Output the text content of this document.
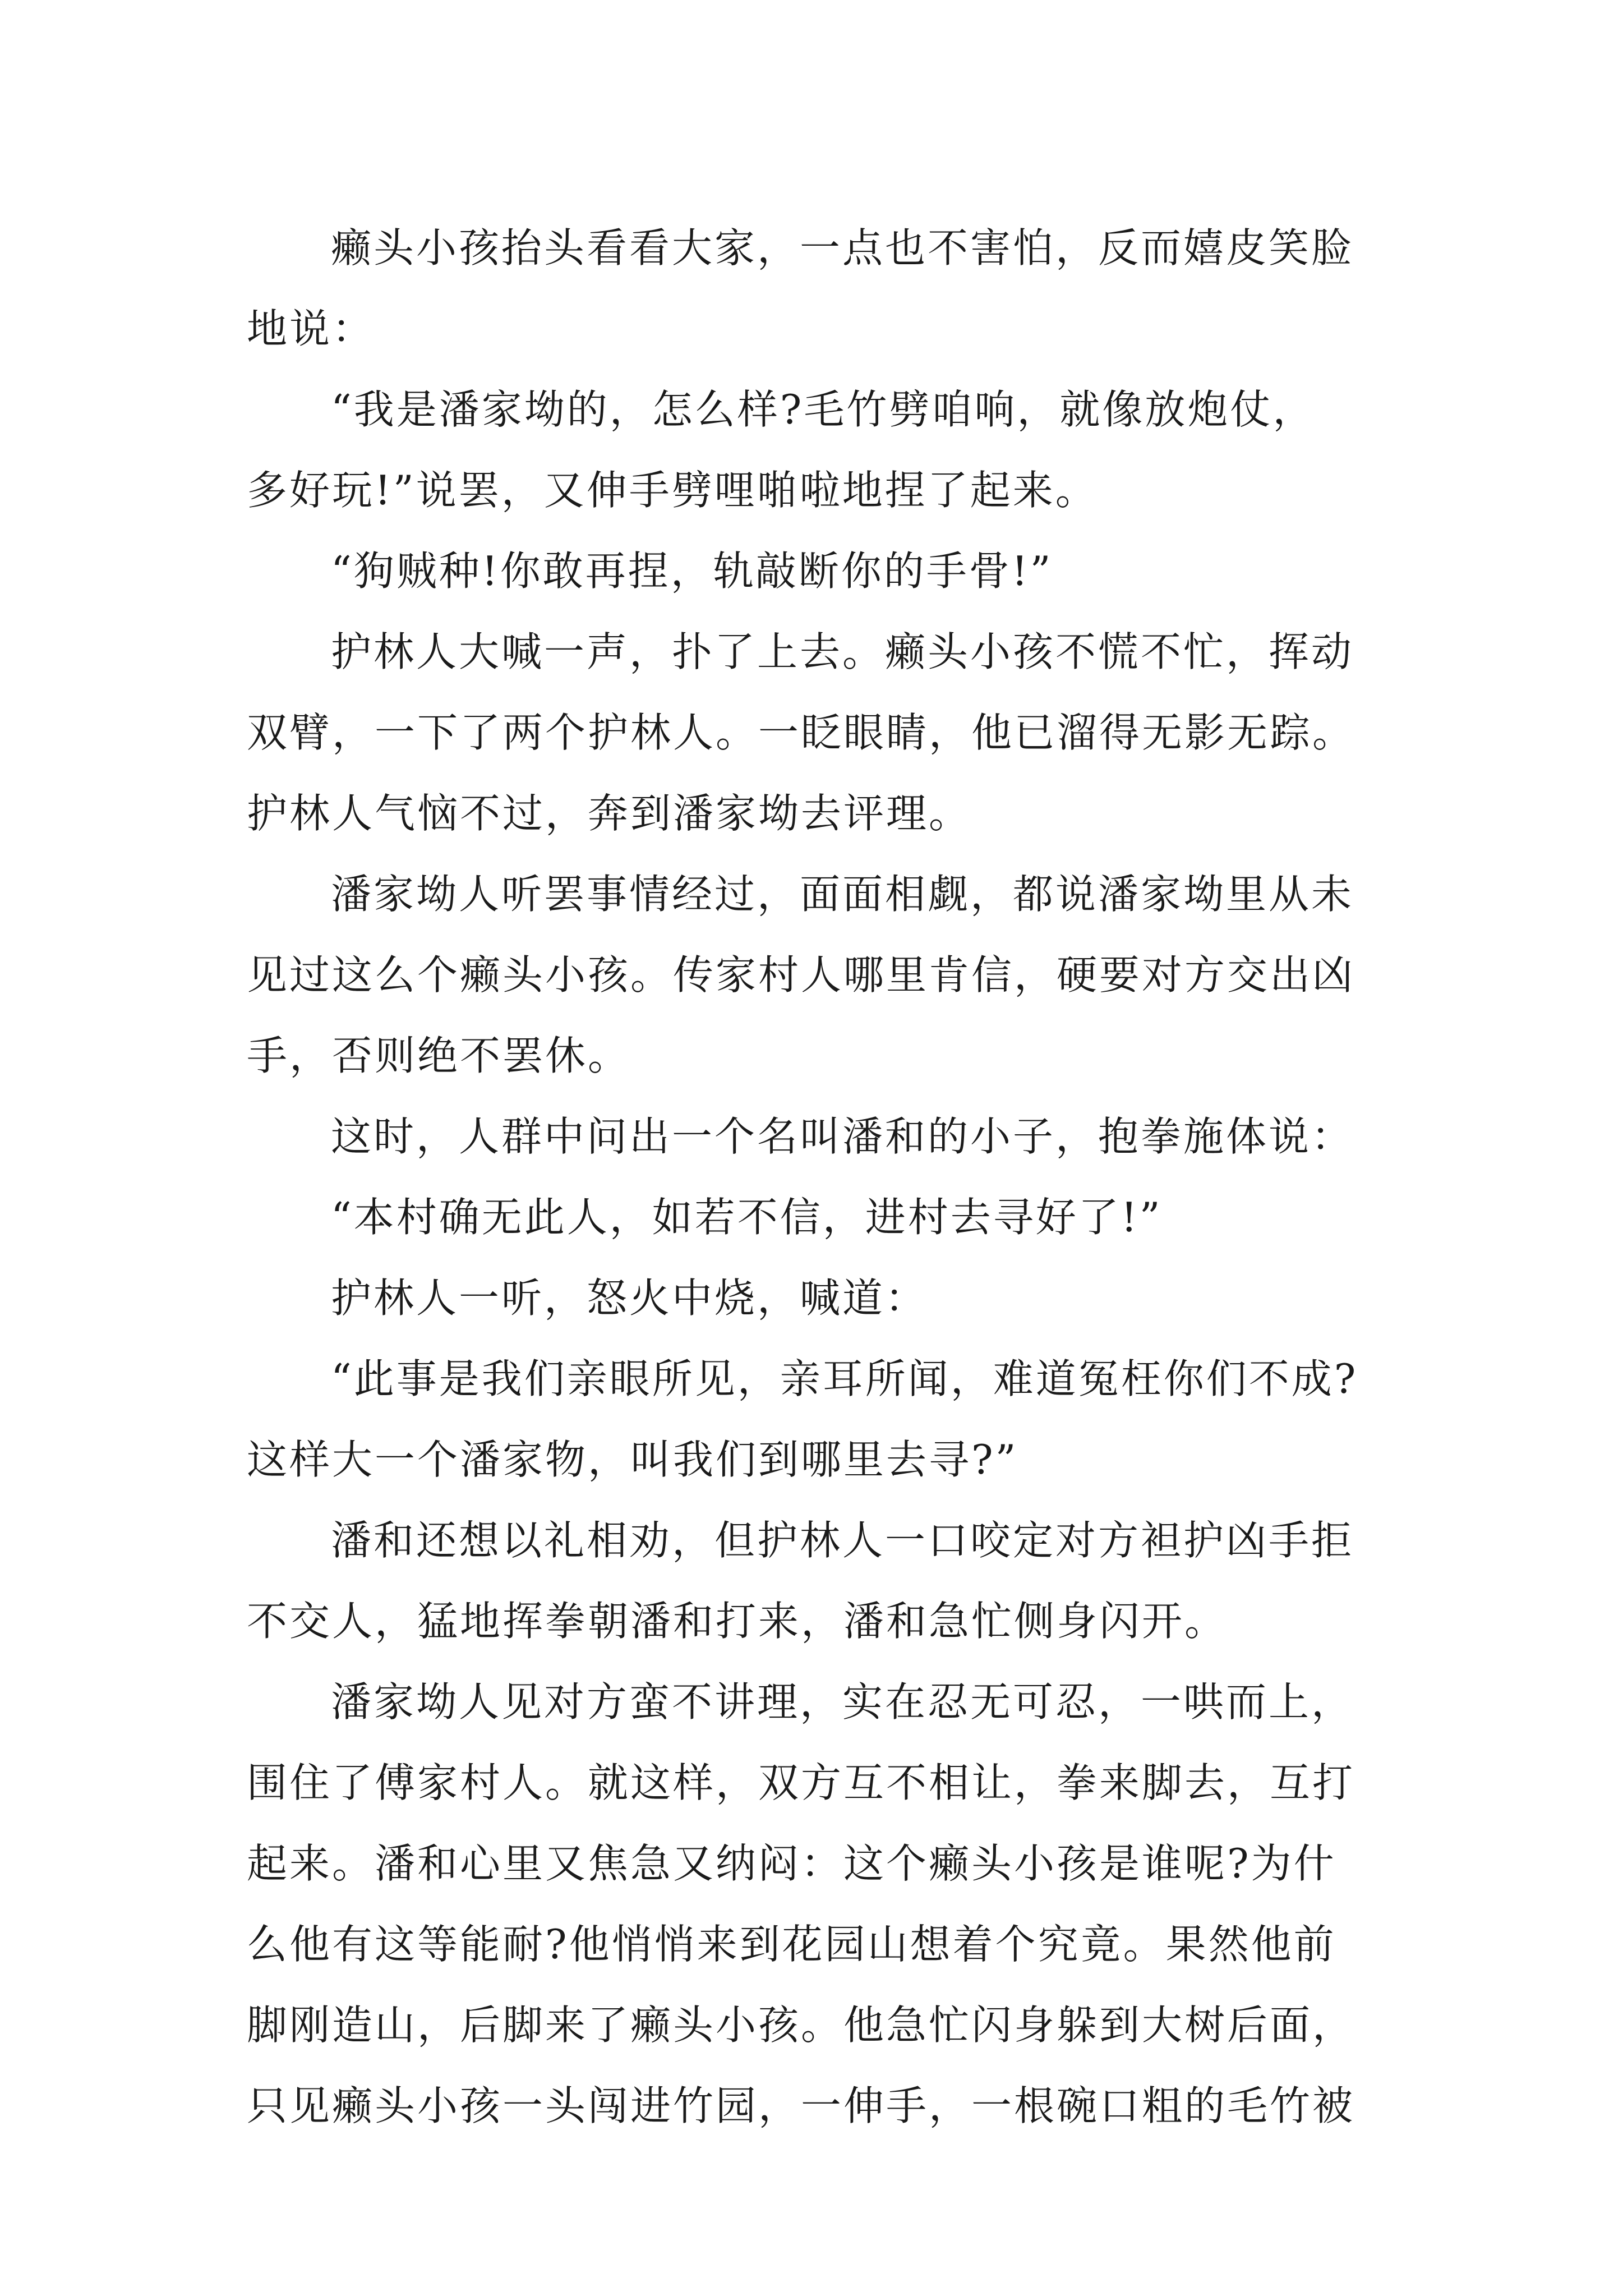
癞头小孩抬头看看大家，一点也不害怕，反而嬉皮笑脸
地说：
“我是潘家坳的，怎么样?毛竹劈咱响，就像放炮仗，
多好玩!”说罢，又伸手劈哩啪啦地捏了起来。
“狗贼种!你敢再捏，轨敲断你的手骨!”
护林人大喊一声，扑了上去。癞头小孩不慌不忙，挥动
双臂，一下了两个护林人。一眨眼睛，他已溜得无影无踪。
护林人气恼不过，奔到潘家坳去评理。
潘家坳人听罢事情经过，面面相觑，都说潘家坳里从未
见过这么个癞头小孩。传家村人哪里肯信，硬要对方交出凶
手，否则绝不罢休。
这时，人群中问出一个名叫潘和的小子，抱拳施体说：
“本村确无此人，如若不信，进村去寻好了!”
护林人一听，怒火中烧，喊道：
“此事是我们亲眼所见，亲耳所闻，难道冤枉你们不成?
这样大一个潘家物，叫我们到哪里去寻?”
潘和还想以礼相劝，但护林人一口咬定对方袒护凶手拒
不交人，猛地挥拳朝潘和打来，潘和急忙侧身闪开。
潘家坳人见对方蛮不讲理，实在忍无可忍，一哄而上，
围住了傅家村人。就这样，双方互不相让，拳来脚去，互打
起来。潘和心里又焦急又纳闷：这个癞头小孩是谁呢?为什
么他有这等能耐?他悄悄来到花园山想着个究竟。果然他前
脚刚造山，后脚来了癞头小孩。他急忙闪身躲到大树后面，
只见癞头小孩一头闯进竹园，一伸手，一根碗口粗的毛竹被
